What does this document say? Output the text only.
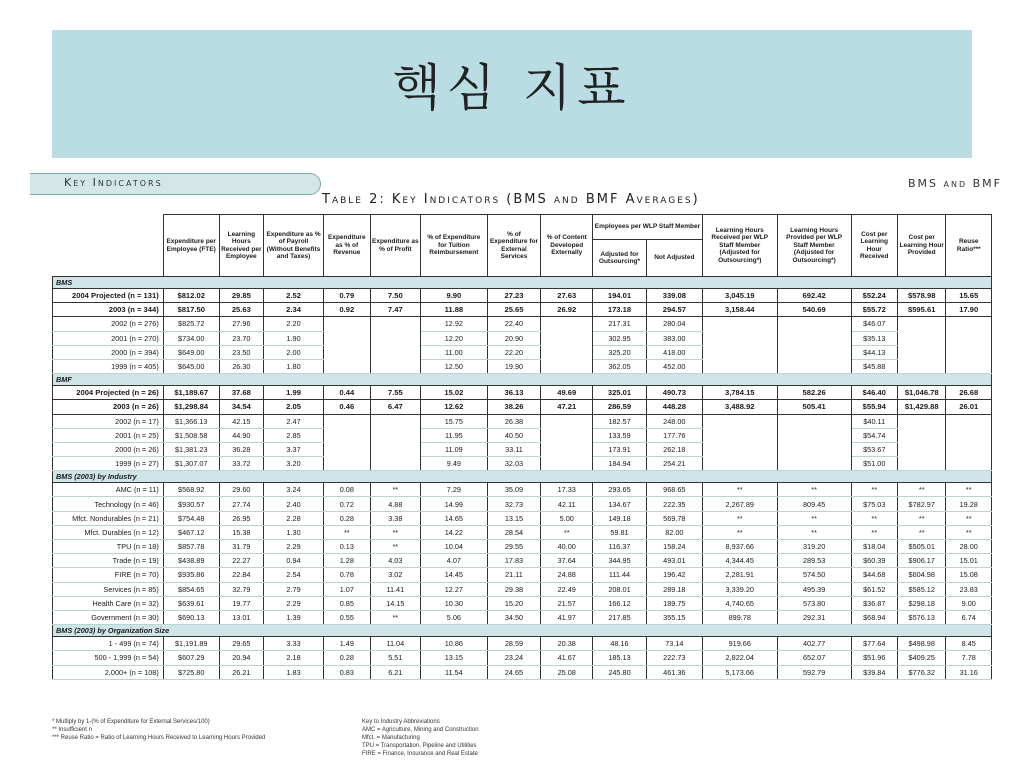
핵심 지표
Key Indicators	BMS and BMF
Table 2: Key Indicators (BMS and BMF Averages)
	Expenditure per Employee (FTE)	Learning Hours Received per Employee	Expenditure as % of Payroll (Without Benefits and Taxes)	Expenditure as % of Revenue	Expenditure as % of Profit	% of Expenditure for Tuition Reimbursement	% of Expenditure for External Services	% of Content Developed Externally	Employees per WLP Staff Member		Learning Hours Received per WLP Staff Member (Adjusted for Outsourcing*)	Learning Hours Provided per WLP Staff Member (Adjusted for Outsourcing*)	Cost per Learning Hour Received	Cost per Learning Hour Provided	Reuse Ratio***
									Adjusted for Outsourcing*	Not Adjusted					
BMS															
2004 Projected (n = 131)	$812.02	29.85	2.52	0.79	7.50	9.90	27.23	27.63	194.01	339.08	3,045.19	692.42	$52.24	$578.98	15.65
2003 (n = 344)	$817.50	25.63	2.34	0.92	7.47	11.88	25.65	26.92	173.18	294.57	3,158.44	540.69	$55.72	$595.61	17.90
2002 (n = 276)	$825.72	27.96	2.20			12.92	22.40		217.31	280.04			$46.07		
2001 (n = 270)	$734.00	23.70	1.90			12.20	20.90		302.95	383.00			$35.13		
2000 (n = 394)	$649.00	23.50	2.00			11.00	22.20		325.20	418.00			$44.13		
1999 (n = 405)	$645.00	26.30	1.80			12.50	19.90		362.05	452.00			$45.88		
BMF															
2004 Projected (n = 26)	$1,189.67	37.68	1.99	0.44	7.55	15.02	36.13	49.69	325.01	490.73	3,784.15	582.26	$46.40	$1,046.78	26.68
2003 (n = 26)	$1,298.84	34.54	2.05	0.46	6.47	12.62	38.26	47.21	286.59	448.28	3,488.92	505.41	$55.94	$1,429.88	26.01
2002 (n = 17)	$1,366.13	42.15	2.47			15.75	26.38		182.57	248.00			$40.11		
2001 (n = 25)	$1,508.58	44.90	2.85			11.95	40.50		133.59	177.76			$54.74		
2000 (n = 26)	$1,381.23	36.28	3.37			11.09	33.11		173.91	262.18			$53.67		
1999 (n = 27)	$1,307.07	33.72	3.20			9.49	32.03		184.94	254.21			$51.00		
BMS (2003) by Industry															
AMC (n = 11)	$568.92	29.60	3.24	0.08	**	7.29	35.09	17.33	293.65	968.65	**	**	**	**	**
Technology (n = 46)	$930.57	27.74	2.40	0.72	4.88	14.99	32.73	42.11	134.67	222.35	2,267.89	809.45	$75.03	$782.97	19.28
Mfct. Nondurables (n = 21)	$754.48	26.95	2.28	0.28	3.38	14.65	13.15	5.00	149.18	569.78	**	**	**	**	**
Mfct. Durables (n = 12)	$467.12	15.38	1.30	**	**	14.22	28.54	**	59.81	82.00	**	**	**	**	**
TPU (n = 18)	$857.78	31.79	2.29	0.13	**	10.04	29.55	40.00	116.37	158.24	8,937.66	319.20	$18.04	$505.01	28.00
Trade (n = 19)	$438.89	22.27	0.94	1.28	4.03	4.07	17.83	37.64	344.95	493.01	4,344.45	289.53	$60.39	$906.17	15.01
FIRE (n = 70)	$935.86	22.84	2.54	0.78	3.02	14.45	21.11	24.88	111.44	196.42	2,281.91	574.50	$44.68	$604.98	15.08
Services (n = 85)	$854.65	32.79	2.79	1.07	11.41	12.27	29.38	22.49	208.01	289.18	3,339.20	495.39	$61.52	$585.12	23.83
Health Care (n = 32)	$639.61	19.77	2.29	0.85	14.15	10.30	15.20	21.57	166.12	189.75	4,740.65	573.80	$36.87	$298.18	9.00
Government (n = 30)	$690.13	13.01	1.39	0.55	**	5.06	34.50	41.97	217.85	355.15	899.78	292.31	$68.94	$576.13	6.74
BMS (2003) by Organization Size															
1 - 499 (n = 74)	$1,191.89	29.65	3.33	1.49	11.04	10.86	28.59	20.38	48.16	73.14	919.66	402.77	$77.64	$498.98	8.45
500 - 1,999 (n = 54)	$607.29	20.94	2.18	0.28	5.51	13.15	23.24	41.67	185.13	222.73	2,822.04	652.07	$51.96	$409.25	7.78
2,000+ (n = 108)	$725.80	26.21	1.83	0.83	6.21	11.54	24.65	25.08	245.80	461.36	5,173.66	592.79	$39.84	$776.32	31.16
* Multiply by 1-(% of Expenditure for External Services/100)
** Insufficient n
*** Reuse Ratio = Ratio of Learning Hours Received to Learning Hours Provided
Key to Industry Abbreviations
AMC = Agriculture, Mining and Construction
Mfct. = Manufacturing
TPU = Transportation, Pipeline and Utilities
FIRE = Finance, Insurance and Real Estate
